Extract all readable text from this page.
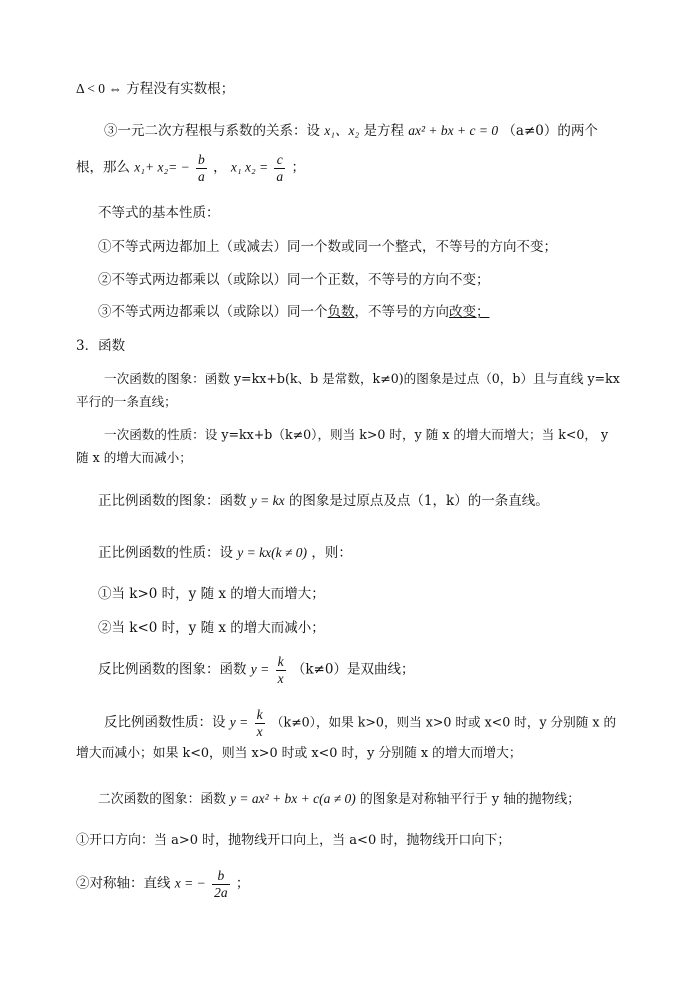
Δ < 0 ⇔ 方程没有实数根；
③一元二次方程根与系数的关系：设 x₁、x₂ 是方程 ax² + bx + c = 0 （a≠0）的两个
根，那么 $x_1+ x_2= - \frac{b}{a}$ ， x₁ $x_2 = \frac{c}{a}$ ；
不等式的基本性质：
①不等式两边都加上（或减去）同一个数或同一个整式，不等号的方向不变；
②不等式两边都乘以（或除以）同一个正数，不等号的方向不变；
③不等式两边都乘以（或除以）同一个负数，不等号的方向改变；
3．函数
一次函数的图象：函数 y=kx+b(k、b 是常数，k≠0)的图象是过点（0，b）且与直线 y=kx
平行的一条直线；
一次函数的性质：设 y=kx+b（k≠0），则当 k>0 时，y 随 x 的增大而增大；当 k<0， y
随 x 的增大而减小；
正比例函数的图象：函数 y = kx 的图象是过原点及点（1，k）的一条直线。
正比例函数的性质：设 y = kx(k ≠ 0) ，则：
①当 k>0 时，y 随 x 的增大而增大；
②当 k<0 时，y 随 x 的增大而减小；
反比例函数的图象：函数 $y = \frac{k}{x} (k\ne 0)$是双曲线；
反比例函数性质：设 $y = \frac{k}{x} (k\ne 0)$，如果 k>0，则当 x>0 时或 x<0 时，y 分别随 x 的
增大而减小；如果 k<0，则当 x>0 时或 x<0 时，y 分别随 x 的增大而增大；
二次函数的图象：函数 y = ax² + bx + c(a ≠ 0) 的图象是对称轴平行于 y 轴的抛物线；
①开口方向：当 a>0 时，抛物线开口向上，当 a<0 时，抛物线开口向下；
②对称轴：直线 x = − $\frac{b}{2a}$ ；
